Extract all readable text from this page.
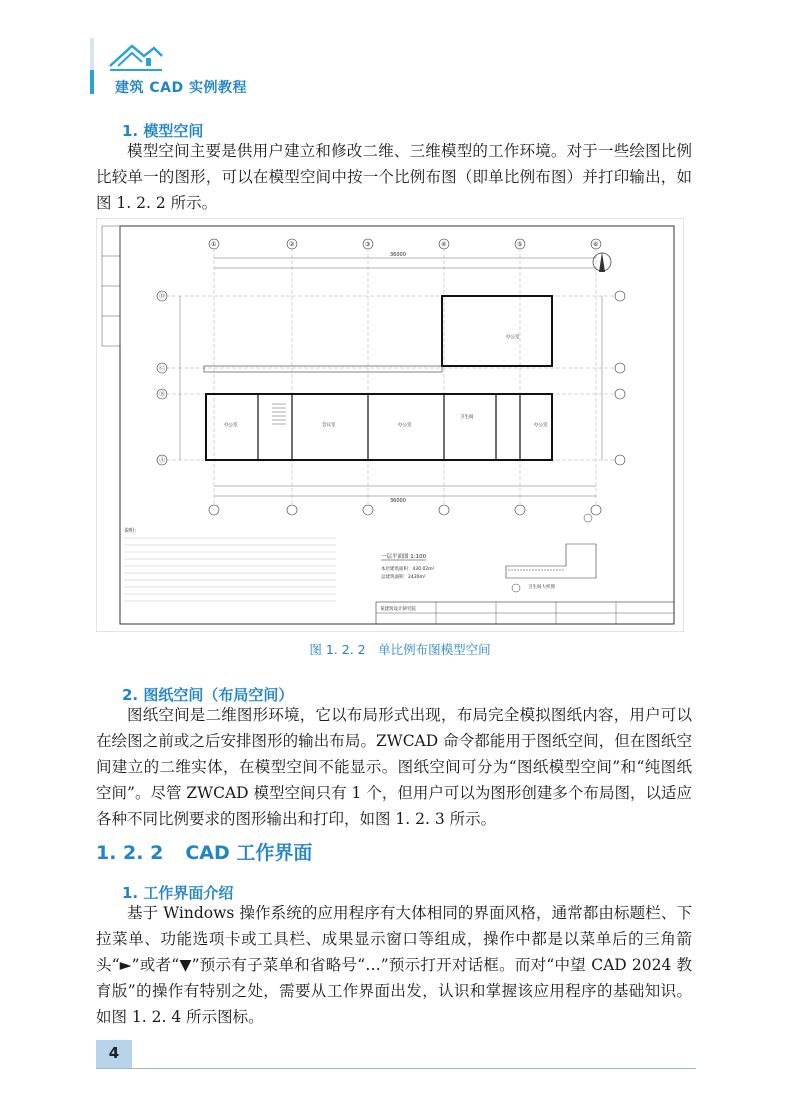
建筑 CAD 实例教程
1. 模型空间
模型空间主要是供用户建立和修改二维、三维模型的工作环境。对于一些绘图比例比较单一的图形，可以在模型空间中按一个比例布图（即单比例布图）并打印输出，如图 1. 2. 2 所示。
①	②	③	④	⑤	⑥
Ⓓ
Ⓒ
Ⓑ
Ⓐ
36000
36000
办公室	会议室	办公室
办公室
办公室
卫生间
说明：
一层平面图 1:100
本层建筑面积：430.02m²
总建筑面积：2430m²
卫生间大样图
某建筑设计研究院
图 1. 2. 2　单比例布图模型空间
2. 图纸空间（布局空间）
图纸空间是二维图形环境，它以布局形式出现，布局完全模拟图纸内容，用户可以在绘图之前或之后安排图形的输出布局。ZWCAD 命令都能用于图纸空间，但在图纸空间建立的二维实体，在模型空间不能显示。图纸空间可分为“图纸模型空间”和“纯图纸空间”。尽管 ZWCAD 模型空间只有 1 个，但用户可以为图形创建多个布局图，以适应各种不同比例要求的图形输出和打印，如图 1. 2. 3 所示。
1. 2. 2 CAD 工作界面
1. 工作界面介绍
基于 Windows 操作系统的应用程序有大体相同的界面风格，通常都由标题栏、下拉菜单、功能选项卡或工具栏、成果显示窗口等组成，操作中都是以菜单后的三角箭头“►”或者“▼”预示有子菜单和省略号“…”预示打开对话框。而对“中望 CAD 2024 教育版”的操作有特别之处，需要从工作界面出发，认识和掌握该应用程序的基础知识。如图 1. 2. 4 所示图标。
4
